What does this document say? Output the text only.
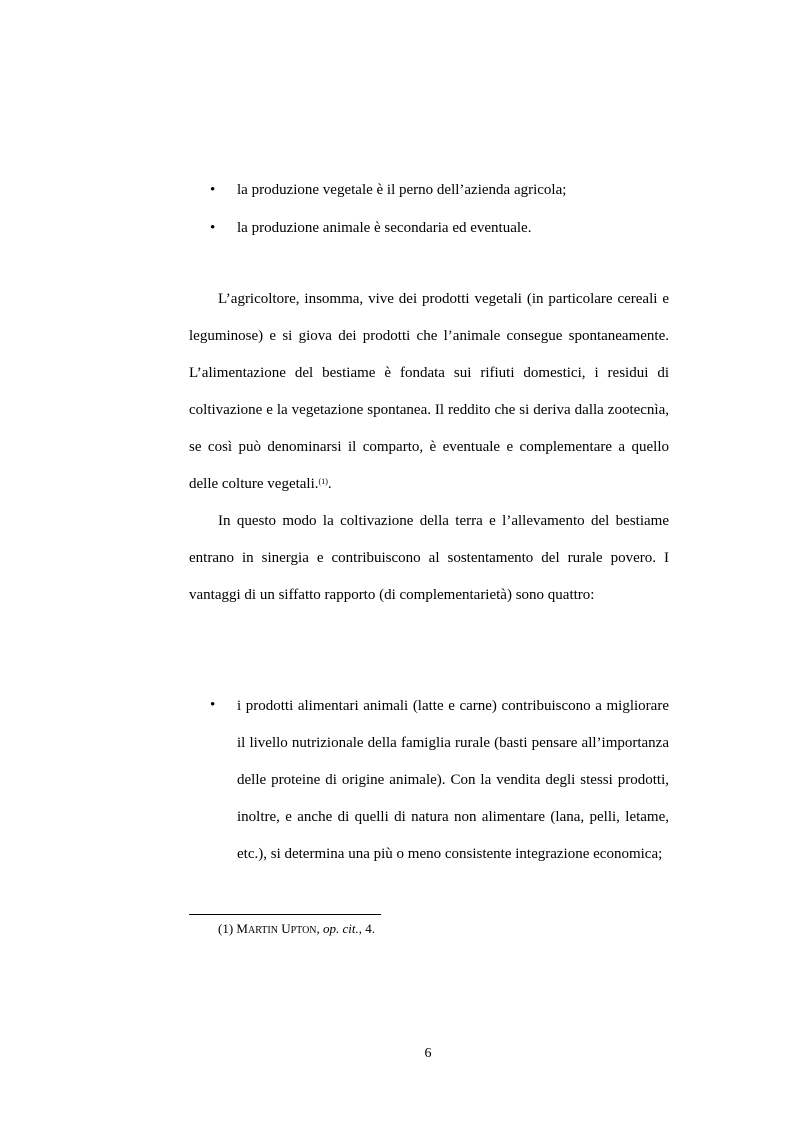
• la produzione vegetale è il perno dell’azienda agricola;
• la produzione animale è secondaria ed eventuale.

L’agricoltore, insomma, vive dei prodotti vegetali (in particolare cereali e leguminose) e si giova dei prodotti che l’animale consegue spontaneamente. L’alimentazione del bestiame è fondata sui rifiuti domestici, i residui di coltivazione e la vegetazione spontanea. Il reddito che si deriva dalla zootecnìa, se così può denominarsi il comparto, è eventuale e complementare a quello delle colture vegetali.$^{(1)}$.

In questo modo la coltivazione della terra e l’allevamento del bestiame entrano in sinergia e contribuiscono al sostentamento del rurale povero. I vantaggi di un siffatto rapporto (di complementarietà) sono quattro:

• i prodotti alimentari animali (latte e carne) contribuiscono a migliorare il livello nutrizionale della famiglia rurale (basti pensare all’importanza delle proteine di origine animale). Con la vendita degli stessi prodotti, inoltre, e anche di quelli di natura non alimentare (lana, pelli, letame, etc.), si determina una più o meno consistente integrazione economica;

(1) MARTIN UPTON, op. cit., 4.
6
